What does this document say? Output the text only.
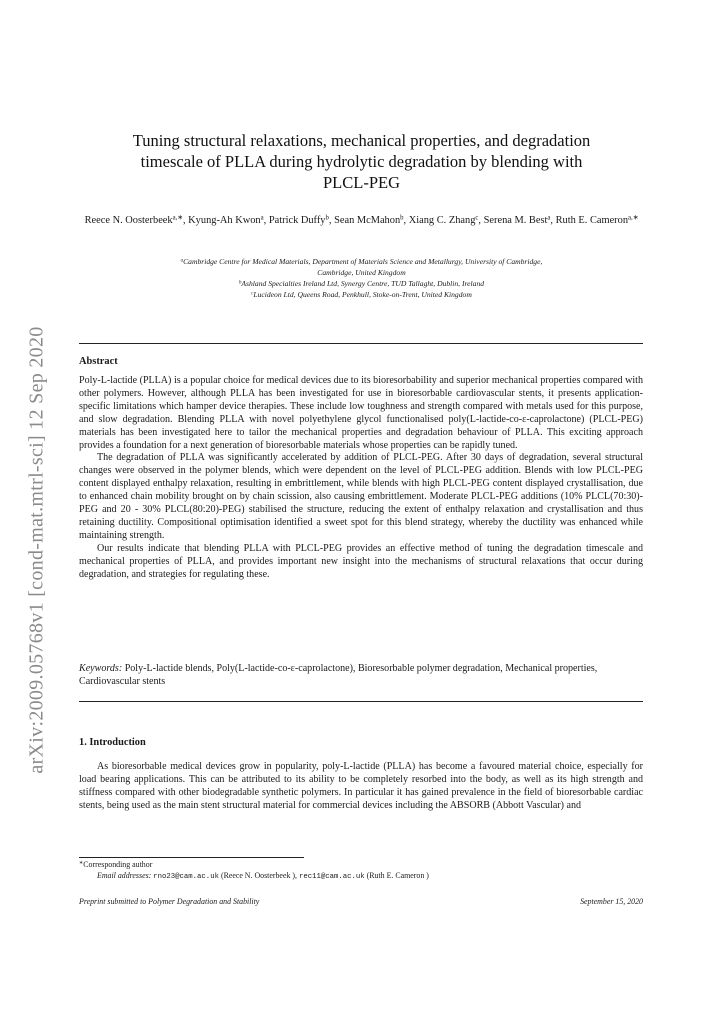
arXiv:2009.05768v1 [cond-mat.mtrl-sci] 12 Sep 2020
Tuning structural relaxations, mechanical properties, and degradation
timescale of PLLA during hydrolytic degradation by blending with
PLCL-PEG
Reece N. Oosterbeek$^{a,∗}$, Kyung-Ah Kwon$^a$, Patrick Duffy$^b$, Sean McMahon$^b$, Xiang C. Zhang$^c$, Serena M. Best$^a$, Ruth E. Cameron$^{a,∗}$
$^a$Cambridge Centre for Medical Materials, Department of Materials Science and Metallurgy, University of Cambridge,
Cambridge, United Kingdom
$^b$Ashland Specialties Ireland Ltd, Synergy Centre, TUD Tallaght, Dublin, Ireland
$^c$Lucideon Ltd, Queens Road, Penkhull, Stoke-on-Trent, United Kingdom
Abstract

Poly-L-lactide (PLLA) is a popular choice for medical devices due to its bioresorbability and superior mechanical properties compared with other polymers. However, although PLLA has been investigated for use in bioresorbable cardiovascular stents, it presents application-specific limitations which hamper device therapies. These include low toughness and strength compared with metals used for this purpose, and slow degradation. Blending PLLA with novel polyethylene glycol functionalised poly(L-lactide-co-ε-caprolactone) (PLCL-PEG) materials has been investigated here to tailor the mechanical properties and degradation behaviour of PLLA. This exciting approach provides a foundation for a next generation of bioresorbable materials whose properties can be rapidly tuned.

The degradation of PLLA was significantly accelerated by addition of PLCL-PEG. After 30 days of degradation, several structural changes were observed in the polymer blends, which were dependent on the level of PLCL-PEG addition. Blends with low PLCL-PEG content displayed enthalpy relaxation, resulting in embrittlement, while blends with high PLCL-PEG content displayed crystallisation, due to enhanced chain mobility brought on by chain scission, also causing embrittlement. Moderate PLCL-PEG additions (10% PLCL(70:30)-PEG and 20 - 30% PLCL(80:20)-PEG) stabilised the structure, reducing the extent of enthalpy relaxation and crystallisation and thus retaining ductility. Compositional optimisation identified a sweet spot for this blend strategy, whereby the ductility was enhanced while maintaining strength.

Our results indicate that blending PLLA with PLCL-PEG provides an effective method of tuning the degradation timescale and mechanical properties of PLLA, and provides important new insight into the mechanisms of structural relaxations that occur during degradation, and strategies for regulating these.

Keywords: Poly-L-lactide blends, Poly(L-lactide-co-ε-caprolactone), Bioresorbable polymer degradation, Mechanical properties, Cardiovascular stents
1. Introduction
As bioresorbable medical devices grow in popularity, poly-L-lactide (PLLA) has become a favoured material choice, especially for load bearing applications. This can be attributed to its ability to be completely resorbed into the body, as well as its high strength and stiffness compared with other biodegradable synthetic polymers. In particular it has gained prevalence in the field of bioresorbable cardiac stents, being used as the main stent structural material for commercial devices including the ABSORB (Abbott Vascular) and
∗Corresponding author
Email addresses: rno23@cam.ac.uk (Reece N. Oosterbeek ), rec11@cam.ac.uk (Ruth E. Cameron )
Preprint submitted to Polymer Degradation and Stability	September 15, 2020
